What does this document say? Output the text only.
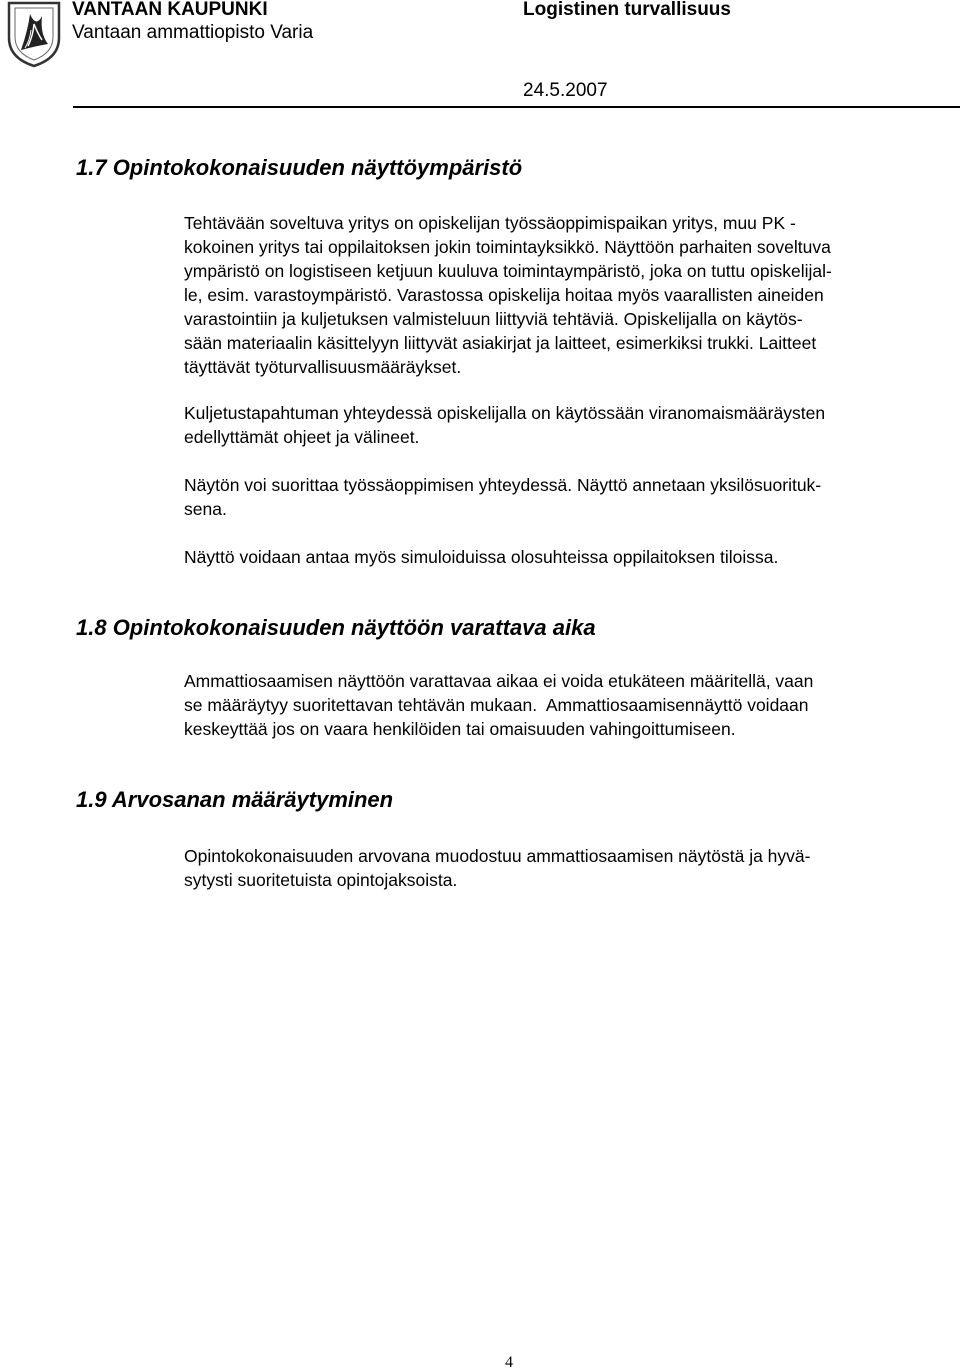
VANTAAN KAUPUNKI
Vantaan ammattiopisto Varia
Logistinen turvallisuus
24.5.2007
1.7 Opintokokonaisuuden näyttöympäristö
Tehtävään soveltuva yritys on opiskelijan työssäoppimispaikan yritys, muu PK -
kokoinen yritys tai oppilaitoksen jokin toimintayksikkö. Näyttöön parhaiten soveltuva
ympäristö on logistiseen ketjuun kuuluva toimintaympäristö, joka on tuttu opiskelijal-
le, esim. varastoympäristö. Varastossa opiskelija hoitaa myös vaarallisten aineiden
varastointiin ja kuljetuksen valmisteluun liittyviä tehtäviä. Opiskelijalla on käytös-
sään materiaalin käsittelyyn liittyvät asiakirjat ja laitteet, esimerkiksi trukki. Laitteet
täyttävät työturvallisuusmääräykset.
Kuljetustapahtuman yhteydessä opiskelijalla on käytössään viranomaismääräysten
edellyttämät ohjeet ja välineet.
Näytön voi suorittaa työssäoppimisen yhteydessä. Näyttö annetaan yksilösuorituk-
sena.
Näyttö voidaan antaa myös simuloiduissa olosuhteissa oppilaitoksen tiloissa.
1.8 Opintokokonaisuuden näyttöön varattava aika
Ammattiosaamisen näyttöön varattavaa aikaa ei voida etukäteen määritellä, vaan
se määräytyy suoritettavan tehtävän mukaan.  Ammattiosaamisennäyttö voidaan
keskeyttää jos on vaara henkilöiden tai omaisuuden vahingoittumiseen.
1.9 Arvosanan määräytyminen
Opintokokonaisuuden arvovana muodostuu ammattiosaamisen näytöstä ja hyvä-
sytysti suoritetuista opintojaksoista.
4
